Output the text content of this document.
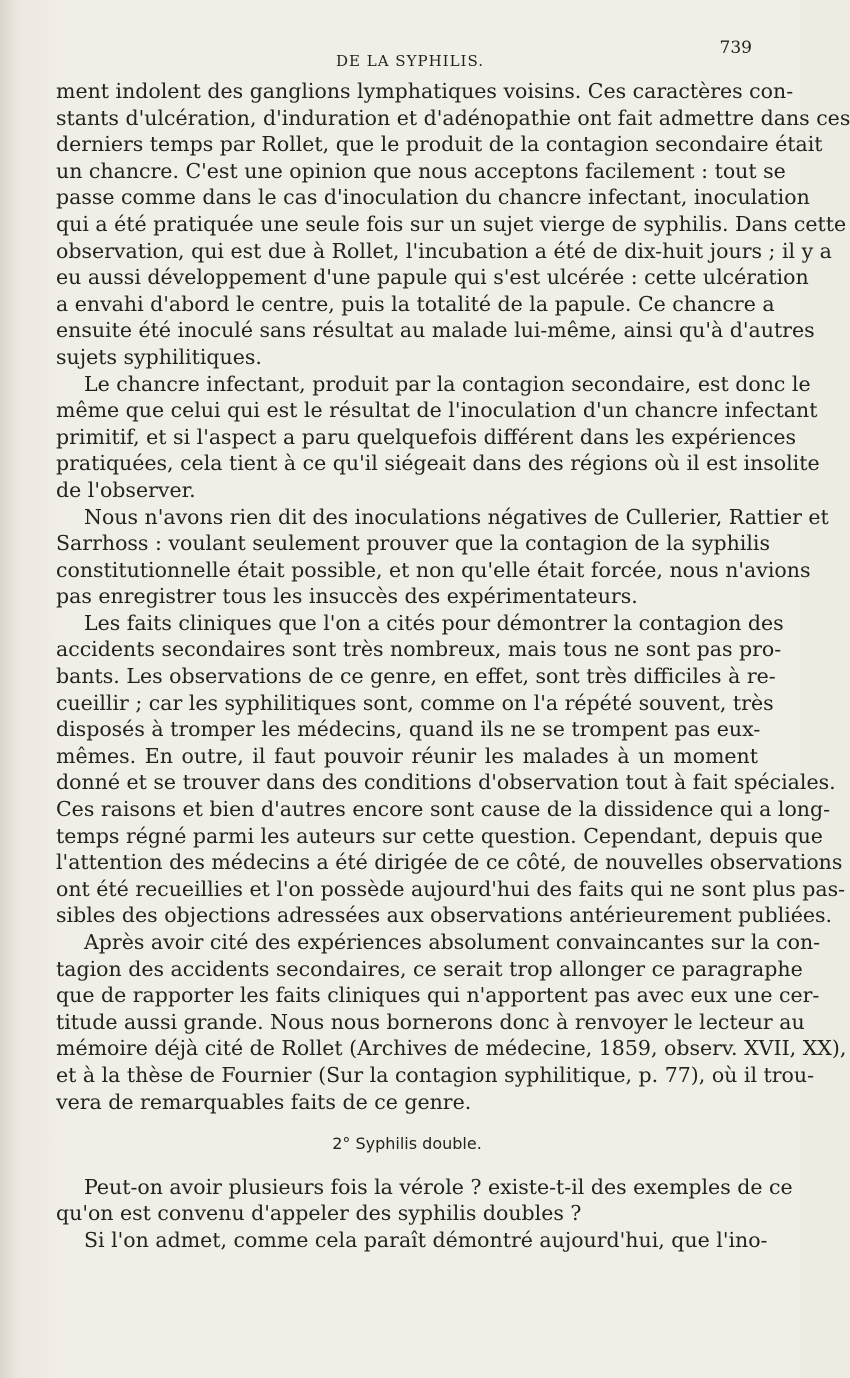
DE LA SYPHILIS.
739
ment indolent des ganglions lymphatiques voisins. Ces caractères con-
stants d'ulcération, d'induration et d'adénopathie ont fait admettre dans ces
derniers temps par Rollet, que le produit de la contagion secondaire était
un chancre. C'est une opinion que nous acceptons facilement : tout se
passe comme dans le cas d'inoculation du chancre infectant, inoculation
qui a été pratiquée une seule fois sur un sujet vierge de syphilis. Dans cette
observation, qui est due à Rollet, l'incubation a été de dix-huit jours ; il y a
eu aussi développement d'une papule qui s'est ulcérée : cette ulcération
a envahi d'abord le centre, puis la totalité de la papule. Ce chancre a
ensuite été inoculé sans résultat au malade lui-même, ainsi qu'à d'autres
sujets syphilitiques.
Le chancre infectant, produit par la contagion secondaire, est donc le
même que celui qui est le résultat de l'inoculation d'un chancre infectant
primitif, et si l'aspect a paru quelquefois différent dans les expériences
pratiquées, cela tient à ce qu'il siégeait dans des régions où il est insolite
de l'observer.
Nous n'avons rien dit des inoculations négatives de Cullerier, Rattier et
Sarrhoss : voulant seulement prouver que la contagion de la syphilis
constitutionnelle était possible, et non qu'elle était forcée, nous n'avions
pas enregistrer tous les insuccès des expérimentateurs.
Les faits cliniques que l'on a cités pour démontrer la contagion des
accidents secondaires sont très nombreux, mais tous ne sont pas pro-
bants. Les observations de ce genre, en effet, sont très difficiles à re-
cueillir ; car les syphilitiques sont, comme on l'a répété souvent, très
disposés à tromper les médecins, quand ils ne se trompent pas eux-
mêmes. En outre, il faut pouvoir réunir les malades à un moment
donné et se trouver dans des conditions d'observation tout à fait spéciales.
Ces raisons et bien d'autres encore sont cause de la dissidence qui a long-
temps régné parmi les auteurs sur cette question. Cependant, depuis que
l'attention des médecins a été dirigée de ce côté, de nouvelles observations
ont été recueillies et l'on possède aujourd'hui des faits qui ne sont plus pas-
sibles des objections adressées aux observations antérieurement publiées.
Après avoir cité des expériences absolument convaincantes sur la con-
tagion des accidents secondaires, ce serait trop allonger ce paragraphe
que de rapporter les faits cliniques qui n'apportent pas avec eux une cer-
titude aussi grande. Nous nous bornerons donc à renvoyer le lecteur au
mémoire déjà cité de Rollet (Archives de médecine, 1859, observ. XVII, XX),
et à la thèse de Fournier (Sur la contagion syphilitique, p. 77), où il trou-
vera de remarquables faits de ce genre.
2° Syphilis double.
Peut-on avoir plusieurs fois la vérole ? existe-t-il des exemples de ce
qu'on est convenu d'appeler des syphilis doubles ?
Si l'on admet, comme cela paraît démontré aujourd'hui, que l'ino-
